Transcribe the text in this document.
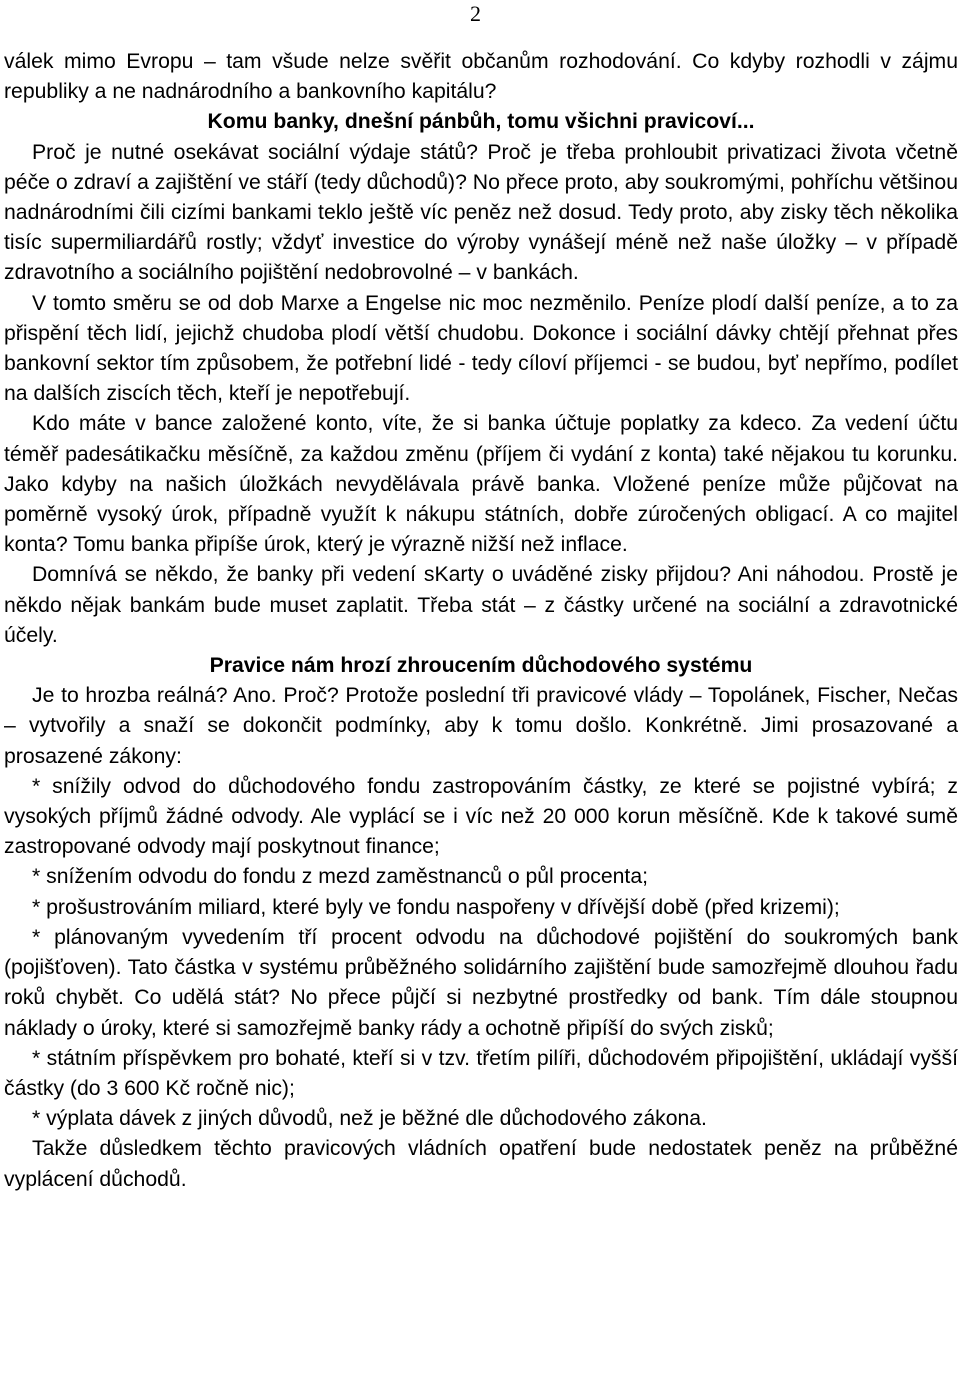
2

válek mimo Evropu – tam všude nelze svěřit občanům rozhodování. Co kdyby rozhodli v zájmu republiky a ne nadnárodního a bankovního kapitálu?

Komu banky, dnešní pánbůh, tomu všichni pravicoví...

Proč je nutné osekávat sociální výdaje států? Proč je třeba prohloubit privatizaci života včetně péče o zdraví a zajištění ve stáří (tedy důchodů)? No přece proto, aby soukromými, pohříchu většinou nadnárodními čili cizími bankami teklo ještě víc peněz než dosud. Tedy proto, aby zisky těch několika tisíc supermiliardářů rostly; vždyť investice do výroby vynášejí méně než naše úložky – v případě zdravotního a sociálního pojištění nedobrovolné – v bankách.

V tomto směru se od dob Marxe a Engelse nic moc nezměnilo. Peníze plodí další peníze, a to za přispění těch lidí, jejichž chudoba plodí větší chudobu. Dokonce i sociální dávky chtějí přehnat přes bankovní sektor tím způsobem, že potřební lidé - tedy cíloví příjemci - se budou, byť nepřímo, podílet na dalších ziscích těch, kteří je nepotřebují.

Kdo máte v bance založené konto, víte, že si banka účtuje poplatky za kdeco. Za vedení účtu téměř padesátikačku měsíčně, za každou změnu (příjem či vydání z konta) také nějakou tu korunku. Jako kdyby na našich úložkách nevydělávala právě banka. Vložené peníze může půjčovat na poměrně vysoký úrok, případně využít k nákupu státních, dobře zúročených obligací. A co majitel konta? Tomu banka připíše úrok, který je výrazně nižší než inflace.

Domnívá se někdo, že banky při vedení sKarty o uváděné zisky přijdou? Ani náhodou. Prostě je někdo nějak bankám bude muset zaplatit. Třeba stát – z částky určené na sociální a zdravotnické účely.

Pravice nám hrozí zhroucením důchodového systému

Je to hrozba reálná? Ano. Proč? Protože poslední tři pravicové vlády – Topolánek, Fischer, Nečas – vytvořily a snaží se dokončit podmínky, aby k tomu došlo. Konkrétně. Jimi prosazované a prosazené zákony:

* snížily odvod do důchodového fondu zastropováním částky, ze které se pojistné vybírá; z vysokých příjmů žádné odvody. Ale vyplácí se i víc než 20 000 korun měsíčně. Kde k takové sumě zastropované odvody mají poskytnout finance;

* snížením odvodu do fondu z mezd zaměstnanců o půl procenta;

* prošustrováním miliard, které byly ve fondu naspořeny v dřívější době (před krizemi);

* plánovaným vyvedením tří procent odvodu na důchodové pojištění do soukromých bank (pojišťoven). Tato částka v systému průběžného solidárního zajištění bude samozřejmě dlouhou řadu roků chybět. Co udělá stát? No přece půjčí si nezbytné prostředky od bank. Tím dále stoupnou náklady o úroky, které si samozřejmě banky rády a ochotně připíší do svých zisků;

* státním příspěvkem pro bohaté, kteří si v tzv. třetím pilíři, důchodovém připojištění, ukládají vyšší částky (do 3 600 Kč ročně nic);

* výplata dávek z jiných důvodů, než je běžné dle důchodového zákona.

Takže důsledkem těchto pravicových vládních opatření bude nedostatek peněz na průběžné vyplácení důchodů.
